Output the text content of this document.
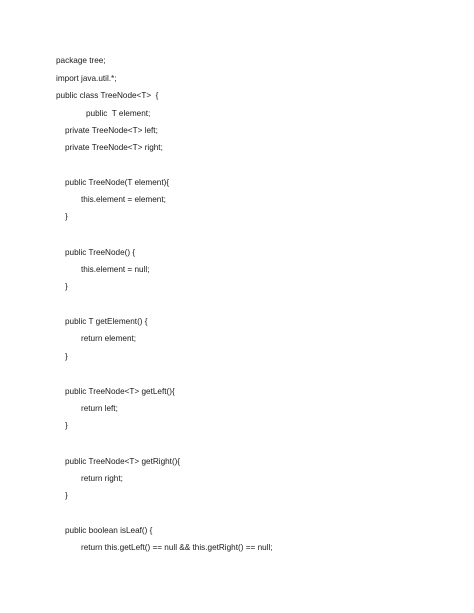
package tree;
import java.util.*;
public class TreeNode<T>  {
public  T element;
private TreeNode<T> left;
private TreeNode<T> right;
public TreeNode(T element){
this.element = element;
}
public TreeNode() {
this.element = null;
}
public T getElement() {
return element;
}
public TreeNode<T> getLeft(){
return left;
}
public TreeNode<T> getRight(){
return right;
}
public boolean isLeaf() {
return this.getLeft() == null && this.getRight() == null;
